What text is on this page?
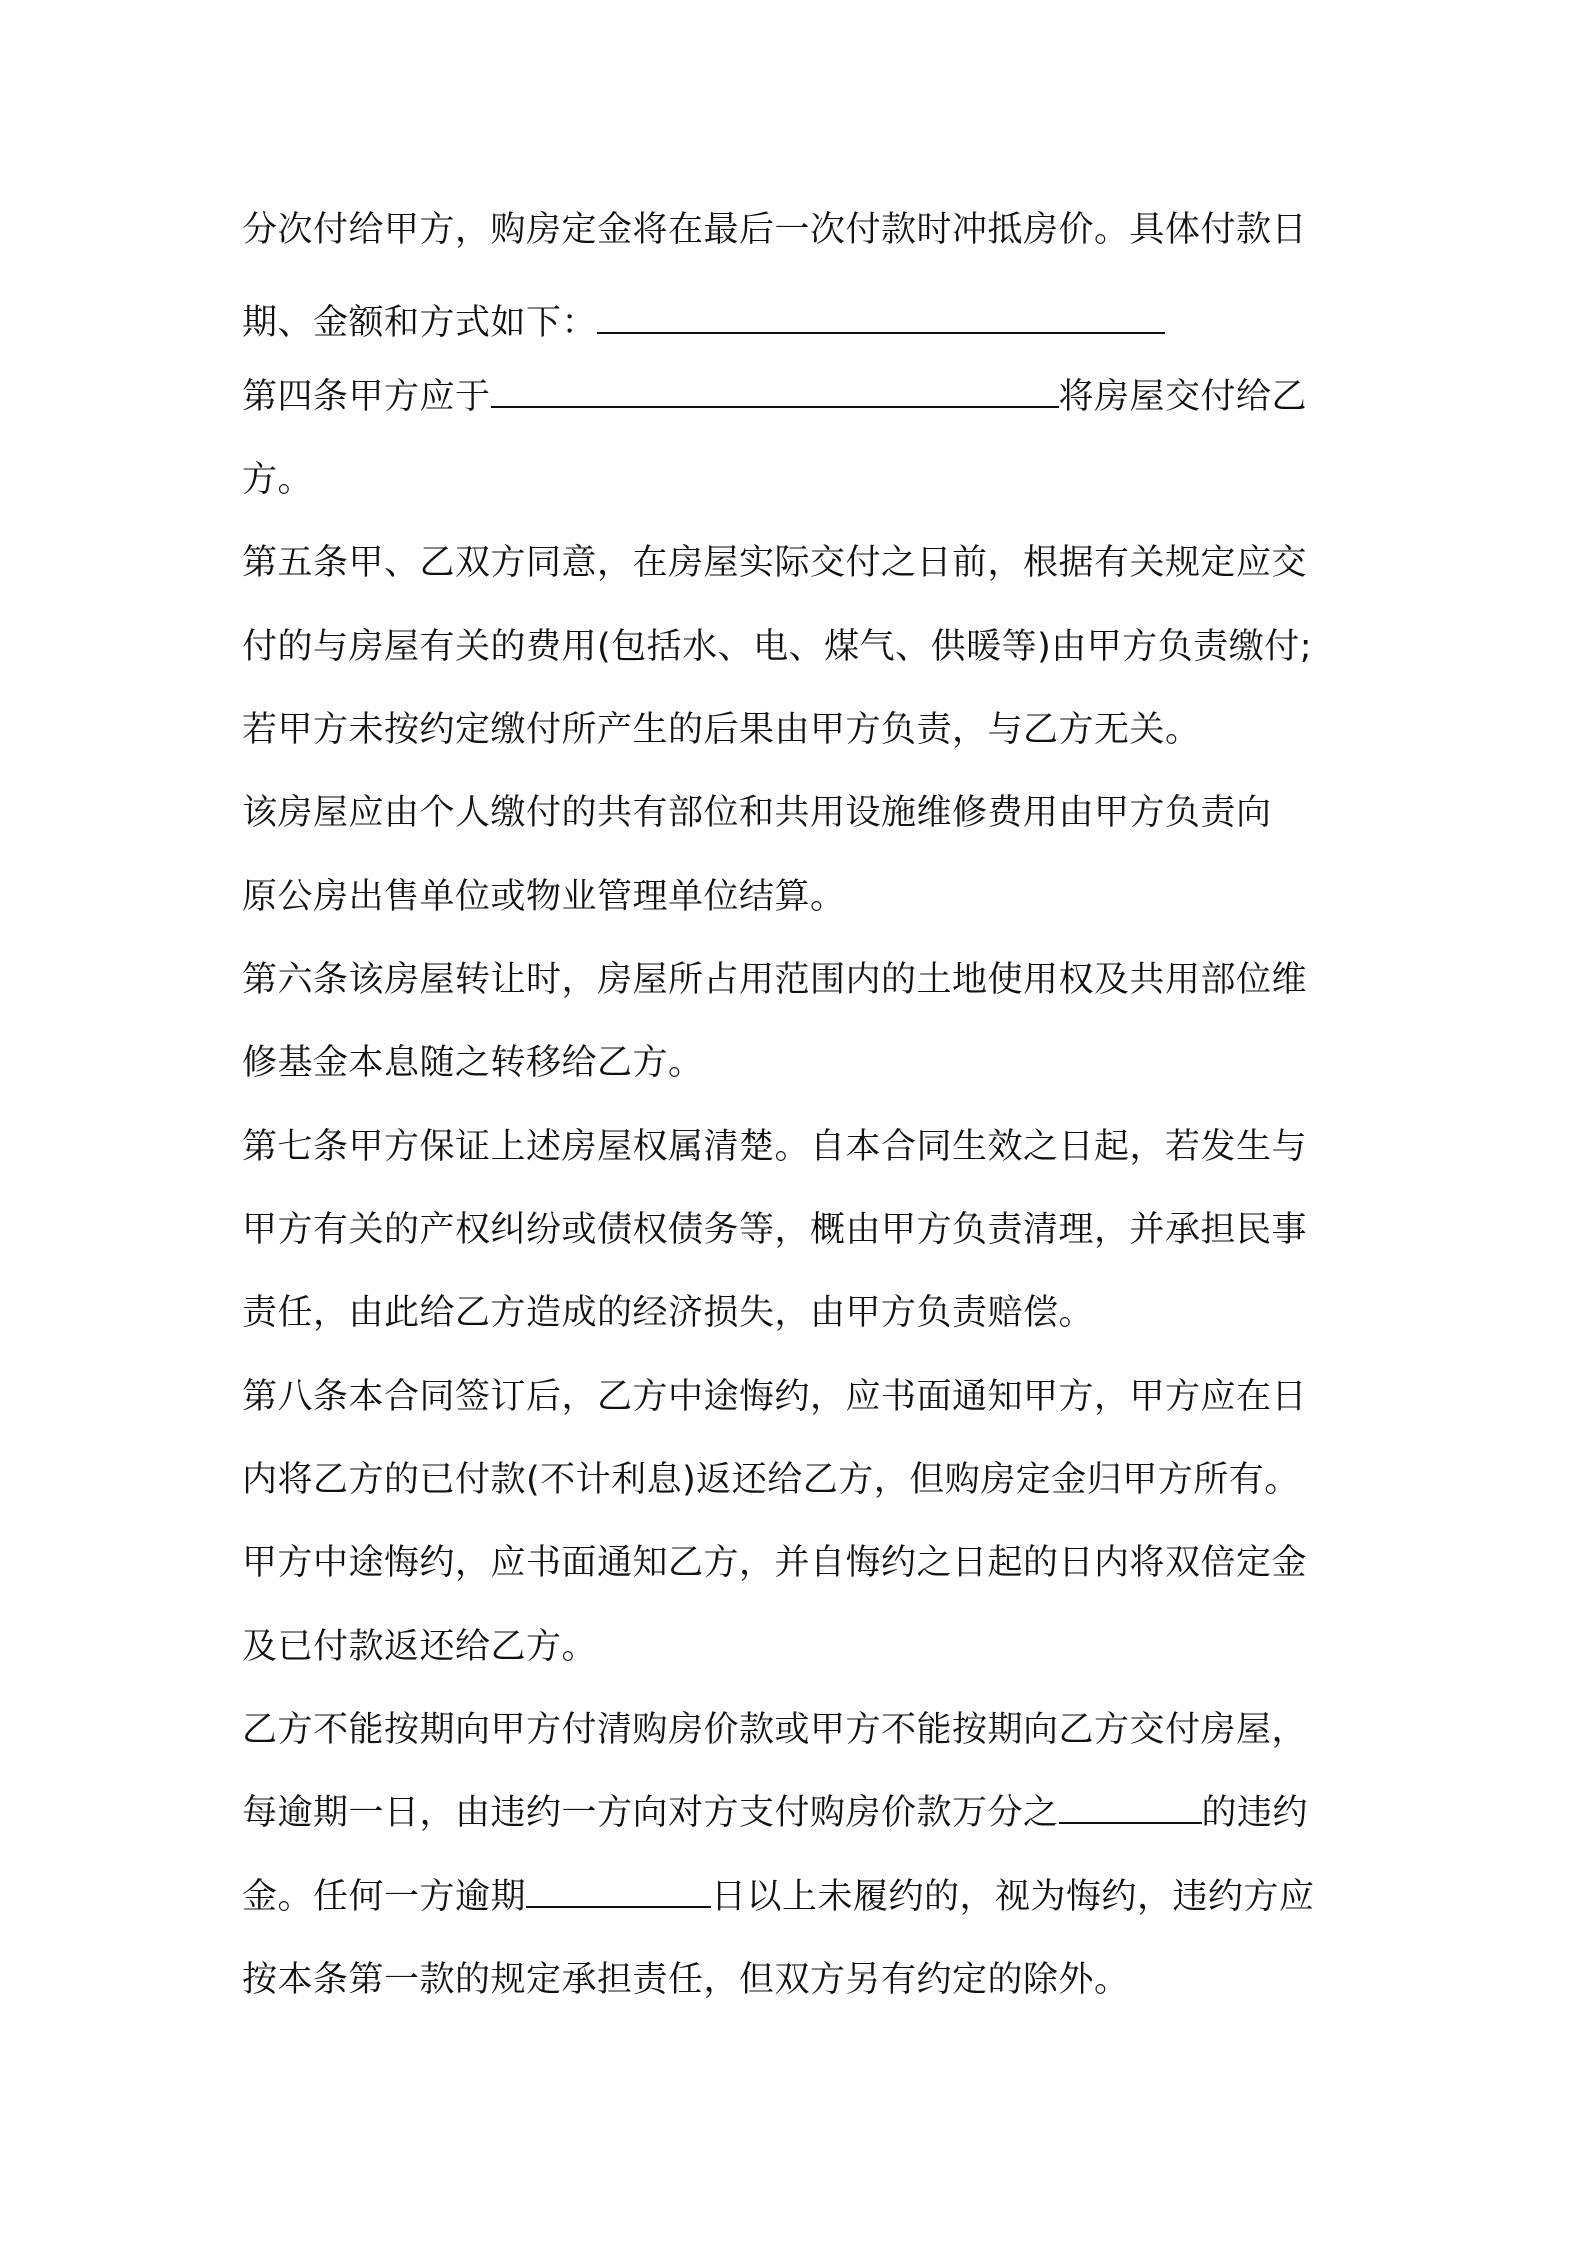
分次付给甲方，购房定金将在最后一次付款时冲抵房价。具体付款日
期、金额和方式如下：
第四条甲方应于	将房屋交付给乙
方。
第五条甲、乙双方同意，在房屋实际交付之日前，根据有关规定应交
付的与房屋有关的费用(包括水、电、煤气、供暖等)由甲方负责缴付;
若甲方未按约定缴付所产生的后果由甲方负责，与乙方无关。
该房屋应由个人缴付的共有部位和共用设施维修费用由甲方负责向
原公房出售单位或物业管理单位结算。
第六条该房屋转让时，房屋所占用范围内的土地使用权及共用部位维
修基金本息随之转移给乙方。
第七条甲方保证上述房屋权属清楚。自本合同生效之日起，若发生与
甲方有关的产权纠纷或债权债务等，概由甲方负责清理，并承担民事
责任，由此给乙方造成的经济损失，由甲方负责赔偿。
第八条本合同签订后，乙方中途悔约，应书面通知甲方，甲方应在日
内将乙方的已付款(不计利息)返还给乙方，但购房定金归甲方所有。
甲方中途悔约，应书面通知乙方，并自悔约之日起的日内将双倍定金
及已付款返还给乙方。
乙方不能按期向甲方付清购房价款或甲方不能按期向乙方交付房屋，
每逾期一日，由违约一方向对方支付购房价款万分之	的违约
金。任何一方逾期	日以上未履约的，视为悔约，违约方应
按本条第一款的规定承担责任，但双方另有约定的除外。
